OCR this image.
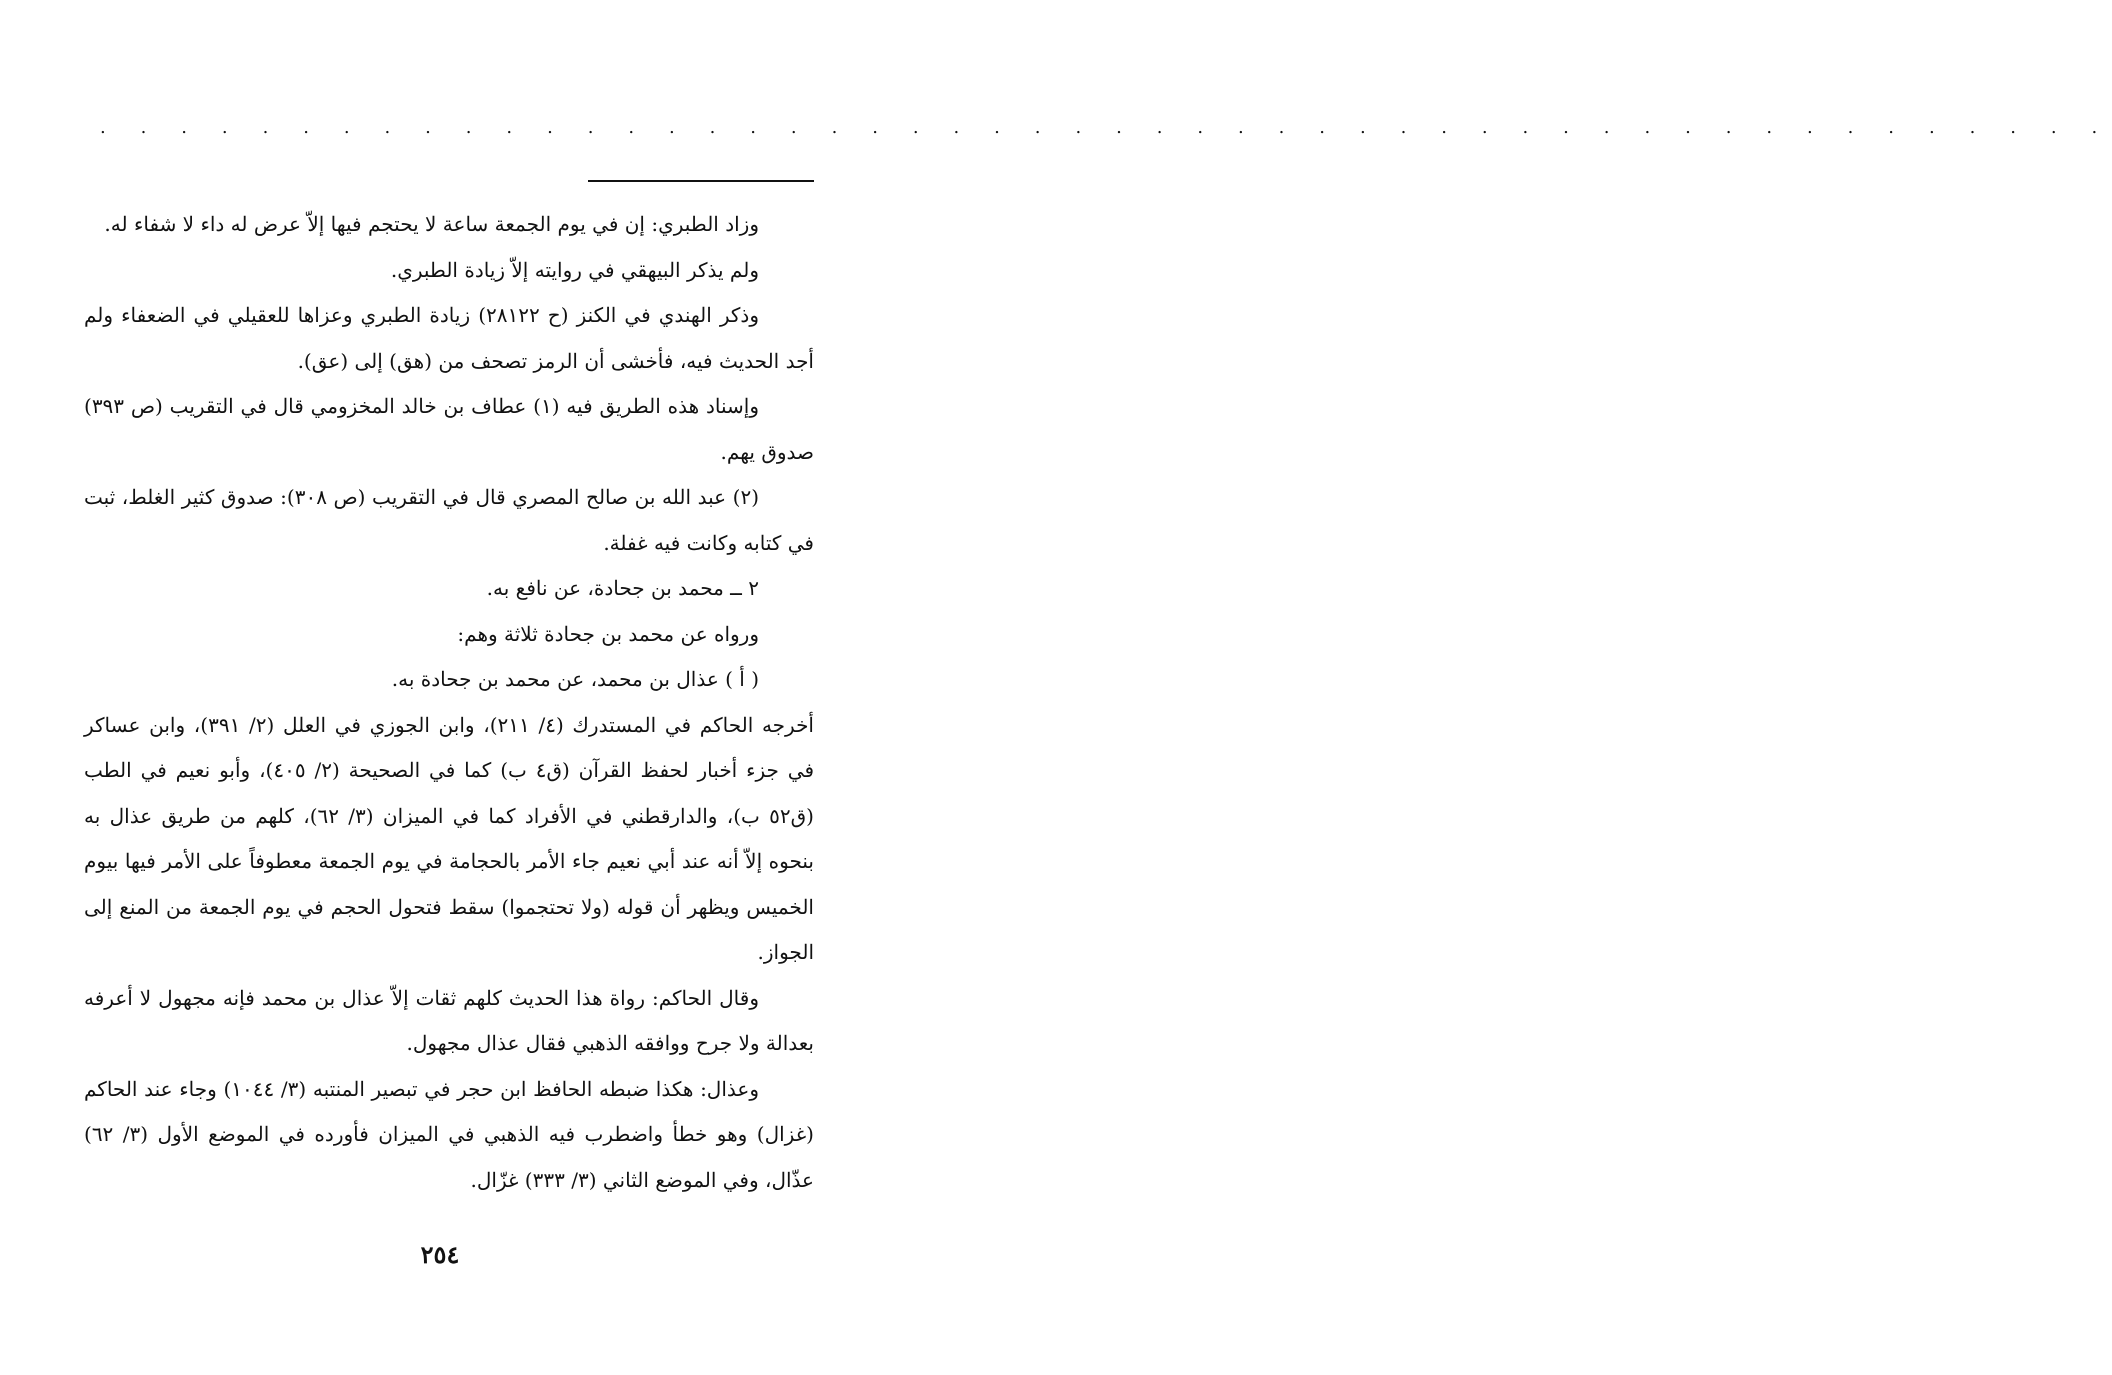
. . . . . . . . . . . . . . . . . . . . . . . . . . . . . . . . . . . . . . . . . . . . . . . . . .

وزاد الطبري: إن في يوم الجمعة ساعة لا يحتجم فيها إلاّ عرض له داء لا شفاء له.

ولم يذكر البيهقي في روايته إلاّ زيادة الطبري.

وذكر الهندي في الكنز (ح ٢٨١٢٢) زيادة الطبري وعزاها للعقيلي في الضعفاء ولم أجد الحديث فيه، فأخشى أن الرمز تصحف من (هق) إلى (عق).

وإسناد هذه الطريق فيه (١) عطاف بن خالد المخزومي قال في التقريب (ص ٣٩٣) صدوق يهم.

(٢) عبد الله بن صالح المصري قال في التقريب (ص ٣٠٨): صدوق كثير الغلط، ثبت في كتابه وكانت فيه غفلة.

٢ ــ محمد بن جحادة، عن نافع به.

ورواه عن محمد بن جحادة ثلاثة وهم:

( أ ) عذال بن محمد، عن محمد بن جحادة به.

أخرجه الحاكم في المستدرك (٤/ ٢١١)، وابن الجوزي في العلل (٢/ ٣٩١)، وابن عساكر في جزء أخبار لحفظ القرآن (ق٤ ب) كما في الصحيحة (٢/ ٤٠٥)، وأبو نعيم في الطب (ق٥٢ ب)، والدارقطني في الأفراد كما في الميزان (٣/ ٦٢)، كلهم من طريق عذال به بنحوه إلاّ أنه عند أبي نعيم جاء الأمر بالحجامة في يوم الجمعة معطوفاً على الأمر فيها بيوم الخميس ويظهر أن قوله (ولا تحتجموا) سقط فتحول الحجم في يوم الجمعة من المنع إلى الجواز.

وقال الحاكم: رواة هذا الحديث كلهم ثقات إلاّ عذال بن محمد فإنه مجهول لا أعرفه بعدالة ولا جرح ووافقه الذهبي فقال عذال مجهول.

وعذال: هكذا ضبطه الحافظ ابن حجر في تبصير المنتبه (٣/ ١٠٤٤) وجاء عند الحاكم (غزال) وهو خطأ واضطرب فيه الذهبي في الميزان فأورده في الموضع الأول (٣/ ٦٢) عذّال، وفي الموضع الثاني (٣/ ٣٣٣) غزّال.

٢٥٤
